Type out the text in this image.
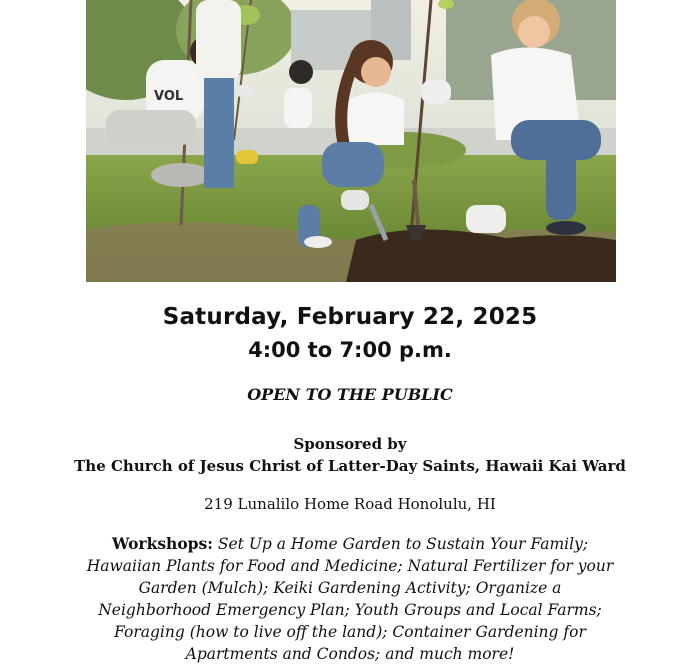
VOL
Saturday, February 22, 2025
4:00 to 7:00 p.m.
OPEN TO THE PUBLIC
Sponsored by
The Church of Jesus Christ of Latter-Day Saints, Hawaii Kai Ward
219 Lunalilo Home Road Honolulu, HI
Workshops: Set Up a Home Garden to Sustain Your Family; Hawaiian Plants for Food and Medicine; Natural Fertilizer for your Garden (Mulch); Keiki Gardening Activity; Organize a Neighborhood Emergency Plan; Youth Groups and Local Farms; Foraging (how to live off the land); Container Gardening for Apartments and Condos; and much more!
